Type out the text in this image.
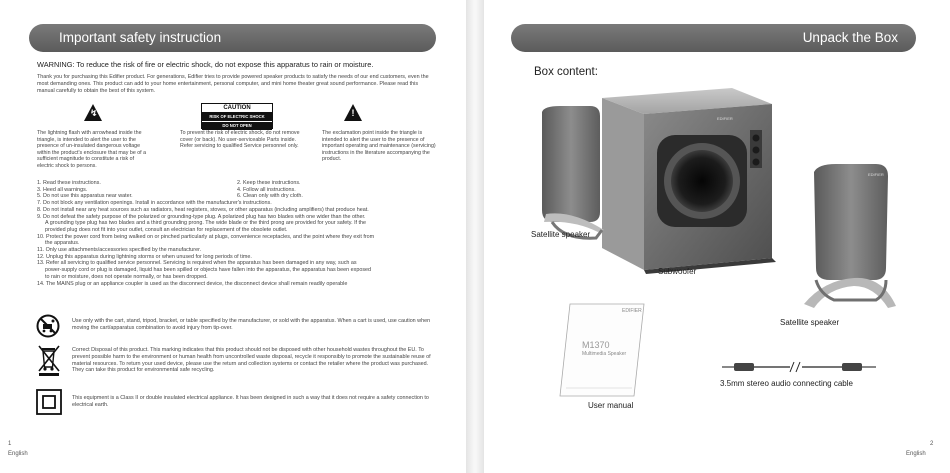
Important safety instruction
WARNING: To reduce the risk of fire or electric shock, do not expose this apparatus to rain or moisture.
Thank you for purchasing this Edifier product. For generations, Edifier tries to provide powered speaker products to satisfy the needs of our end customers, even the most demanding ones. This product can add to your home entertainment, personal computer, and mini home theater great sound performance. Please read this manual carefully to obtain the best of this system.
↯	CAUTION
RISK OF ELECTRIC SHOCK
DO NOT OPEN
!
The lightning flash with arrowhead inside the triangle, is intended to alert the user to the presence of un-insulated dangerous voltage within the product's enclosure that may be of a sufficient magnitude to constitute a risk of electric shock to persons.
To prevent the risk of electric shock, do not remove cover (or back). No user-serviceable Parts inside. Refer servicing to qualified Service personnel only.
The exclamation point inside the triangle is intended to alert the user to the presence of important operating and maintenance (servicing) instructions in the literature accompanying the product.
1. Read these instructions.	2. Keep these instructions.
3. Heed all warnings.	4. Follow all instructions.
5. Do not use this apparatus near water.	6. Clean only with dry cloth.
7. Do not block any ventilation openings. Install in accordance with the manufacturer's instructions.
8. Do not install near any heat sources such as radiators, heat registers, stoves, or other apparatus (including amplifiers) that produce heat.
9. Do not defeat the safety purpose of the polarized or grounding-type plug. A polarized plug has two blades with one wider than the other.
A grounding type plug has two blades and a third grounding prong. The wide blade or the third prong are provided for your safety. If the
provided plug does not fit into your outlet, consult an electrician for replacement of the obsolete outlet.
10. Protect the power cord from being walked on or pinched particularly at plugs, convenience receptacles, and the point where they exit from
the apparatus.
11. Only use attachments/accessories specified by the manufacturer.
12. Unplug this apparatus during lightning storms or when unused for long periods of time.
13. Refer all servicing to qualified service personnel. Servicing is required when the apparatus has been damaged in any way, such as
power-supply cord or plug is damaged, liquid has been spilled or objects have fallen into the apparatus, the apparatus has been exposed
to rain or moisture, does not operate normally, or has been dropped.
14. The MAINS plug or an appliance coupler is used as the disconnect device, the disconnect device shall remain readily operable
Use only with the cart, stand, tripod, bracket, or table specified by the manufacturer, or sold with the apparatus. When a cart is used, use caution when moving the cart/apparatus combination to avoid injury from tip-over.
Correct Disposal of this product. This marking indicates that this product should not be disposed with other household wastes throughout the EU. To prevent possible harm to the environment or human health from uncontrolled waste disposal, recycle it responsibly to promote the sustainable reuse of material resources. To return your used device, please use the return and collection systems or contact the retailer where the product was purchased. They can take this product for environmental safe recycling.
This equipment is a Class II or double insulated electrical appliance. It has been designed in such a way that it does not require a safety connection to electrical earth.
1
English
Unpack the Box
Box content:
EDIFIER
EDIFIER
Satellite speaker
Subwoofer
Satellite speaker
EDIFIER
M1370
Multimedia Speaker
User manual
3.5mm stereo audio connecting cable
2
English
